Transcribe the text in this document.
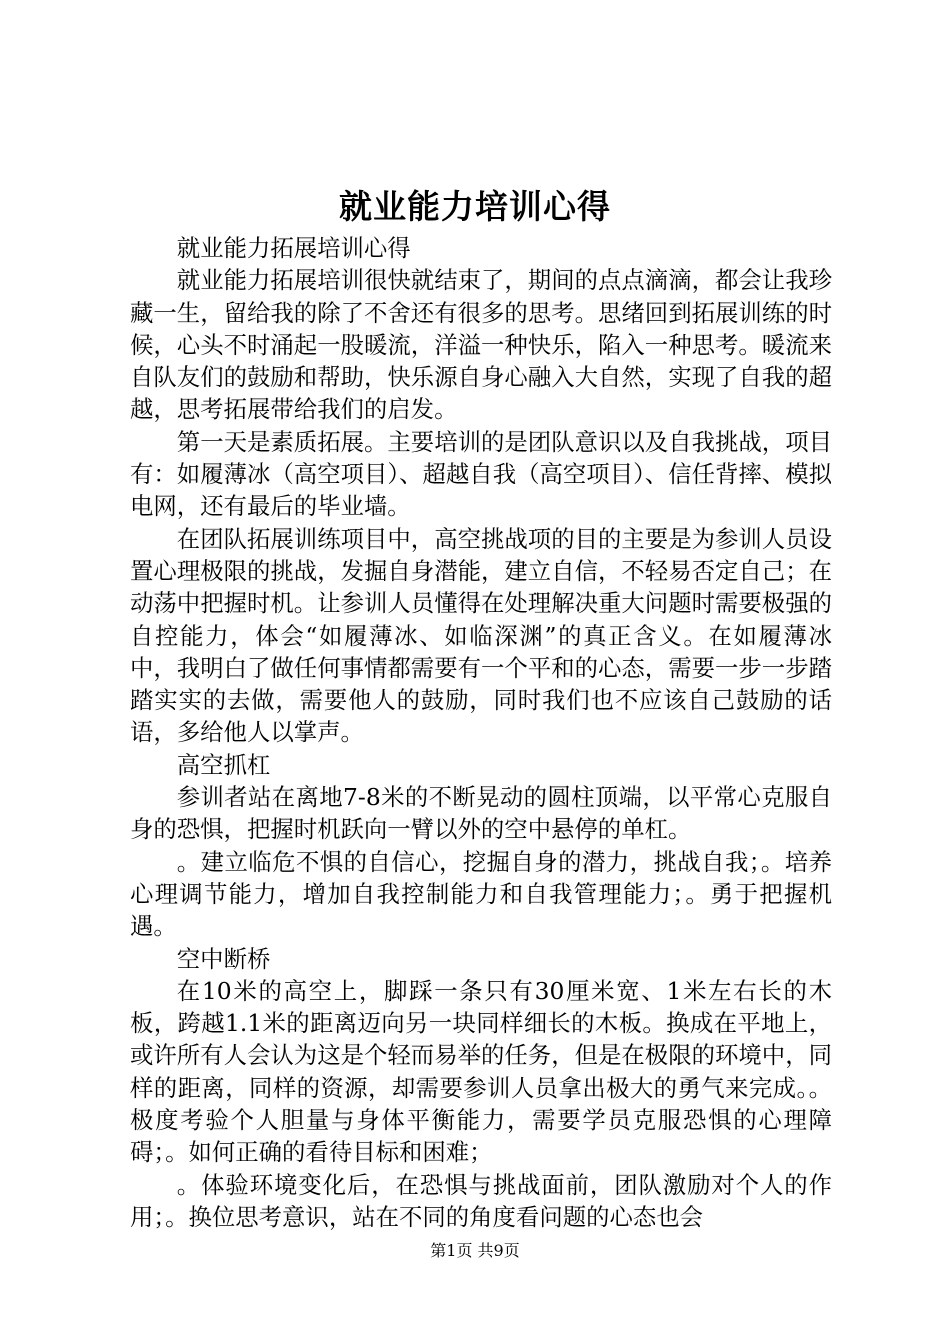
就业能力培训心得

就业能力拓展培训心得

就业能力拓展培训很快就结束了，期间的点点滴滴，都会让我珍藏一生，留给我的除了不舍还有很多的思考。思绪回到拓展训练的时候，心头不时涌起一股暖流，洋溢一种快乐，陷入一种思考。暖流来自队友们的鼓励和帮助，快乐源自身心融入大自然，实现了自我的超越，思考拓展带给我们的启发。

第一天是素质拓展。主要培训的是团队意识以及自我挑战，项目有：如履薄冰（高空项目）、超越自我（高空项目）、信任背摔、模拟电网，还有最后的毕业墙。

在团队拓展训练项目中，高空挑战项的目的主要是为参训人员设置心理极限的挑战，发掘自身潜能，建立自信，不轻易否定自己；在动荡中把握时机。让参训人员懂得在处理解决重大问题时需要极强的自控能力，体会“如履薄冰、如临深渊”的真正含义。在如履薄冰中，我明白了做任何事情都需要有一个平和的心态，需要一步一步踏踏实实的去做，需要他人的鼓励，同时我们也不应该自己鼓励的话语，多给他人以掌声。

高空抓杠

参训者站在离地7-8米的不断晃动的圆柱顶端，以平常心克服自身的恐惧，把握时机跃向一臂以外的空中悬停的单杠。

。建立临危不惧的自信心，挖掘自身的潜力，挑战自我；。培养心理调节能力，增加自我控制能力和自我管理能力；。勇于把握机遇。

空中断桥

在10米的高空上，脚踩一条只有30厘米宽、1米左右长的木板，跨越1.1米的距离迈向另一块同样细长的木板。换成在平地上，或许所有人会认为这是个轻而易举的任务，但是在极限的环境中，同样的距离，同样的资源，却需要参训人员拿出极大的勇气来完成。。极度考验个人胆量与身体平衡能力，需要学员克服恐惧的心理障碍；。如何正确的看待目标和困难；

。体验环境变化后，在恐惧与挑战面前，团队激励对个人的作用；。换位思考意识，站在不同的角度看问题的心态也会

第1页 共9页
